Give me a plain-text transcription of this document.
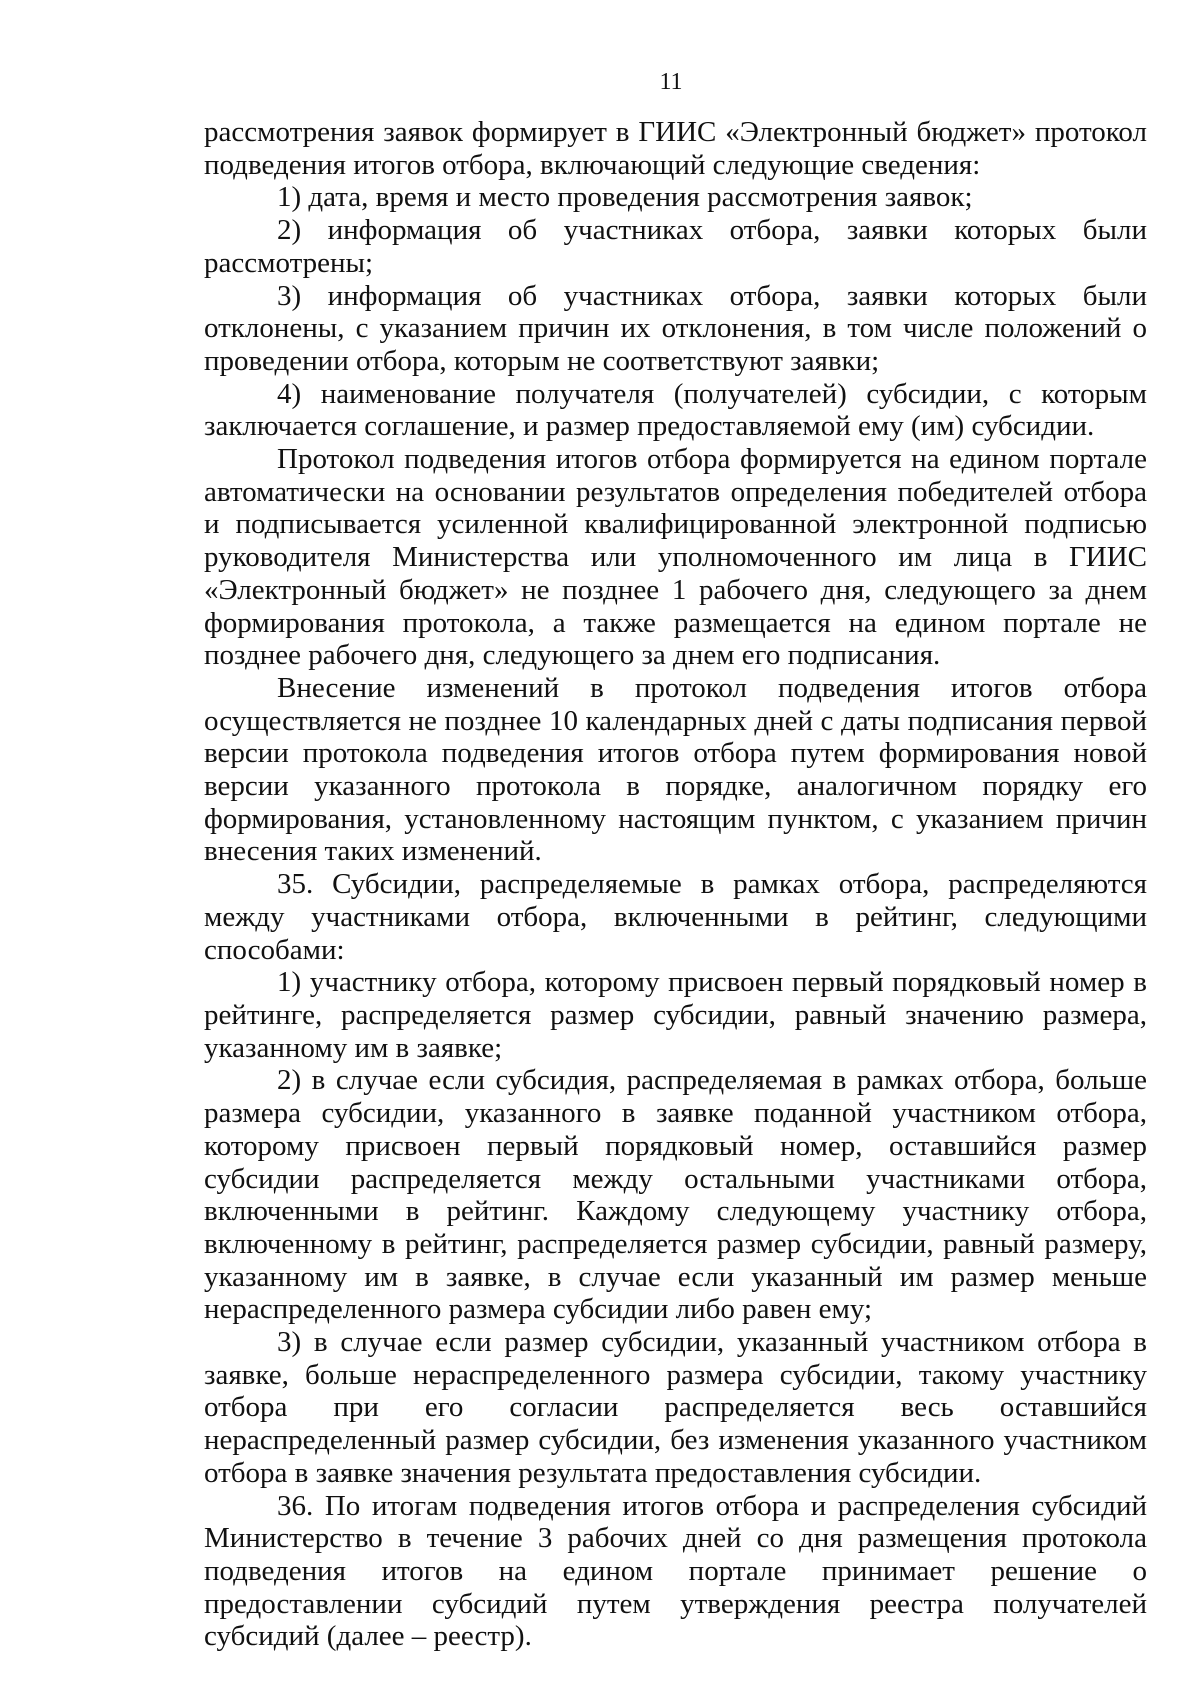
11

рассмотрения заявок формирует в ГИИС «Электронный бюджет» протокол подведения итогов отбора, включающий следующие сведения:

1) дата, время и место проведения рассмотрения заявок;

2) информация об участниках отбора, заявки которых были рассмотрены;

3) информация об участниках отбора, заявки которых были отклонены, с указанием причин их отклонения, в том числе положений о проведении отбора, которым не соответствуют заявки;

4) наименование получателя (получателей) субсидии, с которым заключается соглашение, и размер предоставляемой ему (им) субсидии.

Протокол подведения итогов отбора формируется на едином портале автоматически на основании результатов определения победителей отбора и подписывается усиленной квалифицированной электронной подписью руководителя Министерства или уполномоченного им лица в ГИИС «Электронный бюджет» не позднее 1 рабочего дня, следующего за днем формирования протокола, а также размещается на едином портале не позднее рабочего дня, следующего за днем его подписания.

Внесение изменений в протокол подведения итогов отбора осуществляется не позднее 10 календарных дней с даты подписания первой версии протокола подведения итогов отбора путем формирования новой версии указанного протокола в порядке, аналогичном порядку его формирования, установленному настоящим пунктом, с указанием причин внесения таких изменений.

35. Субсидии, распределяемые в рамках отбора, распределяются между участниками отбора, включенными в рейтинг, следующими способами:

1) участнику отбора, которому присвоен первый порядковый номер в рейтинге, распределяется размер субсидии, равный значению размера, указанному им в заявке;

2) в случае если субсидия, распределяемая в рамках отбора, больше размера субсидии, указанного в заявке поданной участником отбора, которому присвоен первый порядковый номер, оставшийся размер субсидии распределяется между остальными участниками отбора, включенными в рейтинг. Каждому следующему участнику отбора, включенному в рейтинг, распределяется размер субсидии, равный размеру, указанному им в заявке, в случае если указанный им размер меньше нераспределенного размера субсидии либо равен ему;

3) в случае если размер субсидии, указанный участником отбора в заявке, больше нераспределенного размера субсидии, такому участнику отбора при его согласии распределяется весь оставшийся нераспределенный размер субсидии, без изменения указанного участником отбора в заявке значения результата предоставления субсидии.

36. По итогам подведения итогов отбора и распределения субсидий Министерство в течение 3 рабочих дней со дня размещения протокола подведения итогов на едином портале принимает решение о предоставлении субсидий путем утверждения реестра получателей субсидий (далее – реестр).
